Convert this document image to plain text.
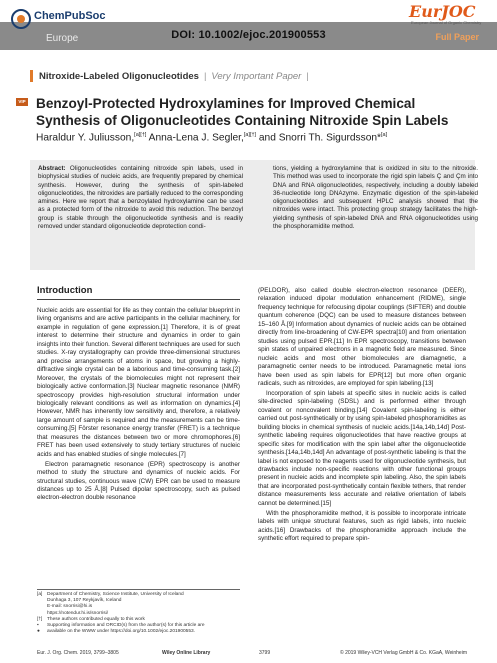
ChemPubSoc
Europe	DOI: 10.1002/ejoc.201900553
EurJOC
European Journal of Organic Chemistry
Full Paper
Nitroxide-Labeled Oligonucleotides | Very Important Paper |
VIP Benzoyl-Protected Hydroxylamines for Improved Chemical Synthesis of Oligonucleotides Containing Nitroxide Spin Labels
Haraldur Y. Juliusson,[a][†] Anna-Lena J. Segler,[a][†] and Snorri Th. Sigurdsson*[a]
Abstract: Oligonucleotides containing nitroxide spin labels, used in biophysical studies of nucleic acids, are frequently prepared by chemical synthesis. However, during the synthesis of spin-labeled oligonucleotides, the nitroxides are partially reduced to the corresponding amines. Here we report that a benzoylated hydroxylamine can be used as a protected form of the nitroxide to avoid this reduction. The benzoyl group is stable through the oligonucleotide synthesis and is readily removed under standard oligonucleotide deprotection condi-
tions, yielding a hydroxylamine that is oxidized in situ to the nitroxide. This method was used to incorporate the rigid spin labels Ç and Çm into DNA and RNA oligonucleotides, respectively, including a doubly labeled 36-nucleotide long DNAzyme. Enzymatic digestion of the spin-labeled oligonucleotides and subsequent HPLC analysis showed that the nitroxides were intact. This protecting group strategy facilitates the high-yielding synthesis of spin-labeled DNA and RNA oligonucleotides using the phosphoramidite method.
Introduction

Nucleic acids are essential for life as they contain the cellular blueprint in living organisms and are active participants in the cellular machinery, for example in regulation of gene expression.[1] Therefore, it is of great interest to determine their structure and dynamics in order to gain insights into their function. Several different techniques are used for such studies. X-ray crystallography can provide three-dimensional structures and precise arrangements of atoms in space, but growing a highly-diffractive single crystal can be a laborious and time-consuming task.[2] Moreover, the crystals of the biomolecules might not represent their biologically active conformation.[3] Nuclear magnetic resonance (NMR) spectroscopy provides high-resolution structural information under biologically relevant conditions as well as information on dynamics.[4] However, NMR has inherently low sensitivity and, therefore, a relatively large amount of sample is required and the measurements can be time-consuming.[5] Förster resonance energy transfer (FRET) is a technique that measures the distances between two or more chromophores.[6] FRET has been used extensively to study tertiary structures of nucleic acids and has enabled studies of single molecules.[7]

Electron paramagnetic resonance (EPR) spectroscopy is another method to study the structure and dynamics of nucleic acids. For structural studies, continuous wave (CW) EPR can be used to measure distances up to 25 Å.[8] Pulsed dipolar spectroscopy, such as pulsed electron-electron double resonance

(PELDOR), also called double electron-electron resonance (DEER), relaxation induced dipolar modulation enhancement (RIDME), single frequency technique for refocusing dipolar couplings (SIFTER) and double quantum coherence (DQC) can be used to measure distances between 15–160 Å.[9] Information about dynamics of nucleic acids can be obtained directly from line-broadening of CW-EPR spectra[10] and from orientation studies using pulsed EPR.[11] In EPR spectroscopy, transitions between spin states of unpaired electrons in a magnetic field are measured. Since nucleic acids and most other biomolecules are diamagnetic, a paramagnetic center needs to be introduced. Paramagnetic metal ions have been used as spin labels for EPR[12] but more often organic radicals, such as nitroxides, are employed for spin labeling.[13]

Incorporation of spin labels at specific sites in nucleic acids is called site-directed spin-labeling (SDSL) and is performed either through covalent or noncovalent binding.[14] Covalent spin-labeling is either carried out post-synthetically or by using spin-labeled phosphoramidites as building blocks in chemical synthesis of nucleic acids.[14a,14b,14d] Post-synthetic labeling requires oligonucleotides that have reactive groups at specific sites for modification with the spin label after the oligonucleotide synthesis.[14a,14b,14d] An advantage of post-synthetic labeling is that the label is not exposed to the reagents used for oligonucleotide synthesis, but drawbacks include non-specific reactions with other functional groups present in nucleic acids and incomplete spin labeling. Also, the spin labels that are incorporated post-synthetically contain flexible tethers, that render distance measurements less accurate and relative orientation of labels cannot be determined.[15]

With the phosphoramidite method, it is possible to incorporate intricate labels with unique structural features, such as rigid labels, into nucleic acids.[16] Drawbacks of the phosphoramidite approach include the synthetic effort required to prepare spin-

[a] Department of Chemistry, Science Institute, University of Iceland
Dunhaga 3, 107 Reykjavík, Iceland
E-mail: snorrisi@hi.is
https://notendur.hi.is/snorrisi/
[†] These authors contributed equally to this work
▪	Supporting information and ORCID(s) from the author(s) for this article are
●	available on the WWW under https://doi.org/10.1002/ejoc.201900553.
Eur. J. Org. Chem. 2019, 3799–3805	Wiley Online Library	3799	© 2019 Wiley-VCH Verlag GmbH & Co. KGaA, Weinheim
